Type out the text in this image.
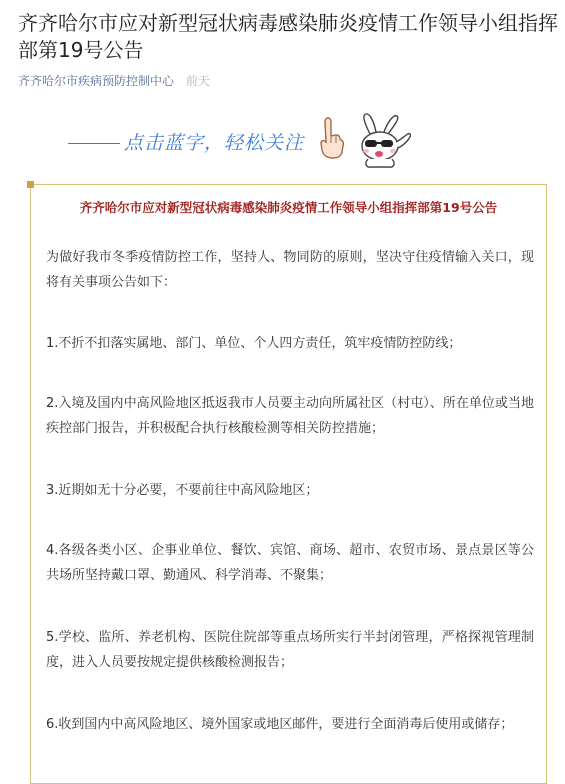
齐齐哈尔市应对新型冠状病毒感染肺炎疫情工作领导小组指挥部第19号公告
齐齐哈尔市疾病预防控制中心 前天
点击蓝字，轻松关注
齐齐哈尔市应对新型冠状病毒感染肺炎疫情工作领导小组指挥部第19号公告

为做好我市冬季疫情防控工作，坚持人、物同防的原则，坚决守住疫情输入关口，现将有关事项公告如下：

1.不折不扣落实属地、部门、单位、个人四方责任，筑牢疫情防控防线；

2.入境及国内中高风险地区抵返我市人员要主动向所属社区（村屯）、所在单位或当地疾控部门报告，并积极配合执行核酸检测等相关防控措施；

3.近期如无十分必要，不要前往中高风险地区；

4.各级各类小区、企事业单位、餐饮、宾馆、商场、超市、农贸市场、景点景区等公共场所坚持戴口罩、勤通风、科学消毒、不聚集；

5.学校、监所、养老机构、医院住院部等重点场所实行半封闭管理，严格探视管理制度，进入人员要按规定提供核酸检测报告；

6.收到国内中高风险地区、境外国家或地区邮件，要进行全面消毒后使用或储存；
